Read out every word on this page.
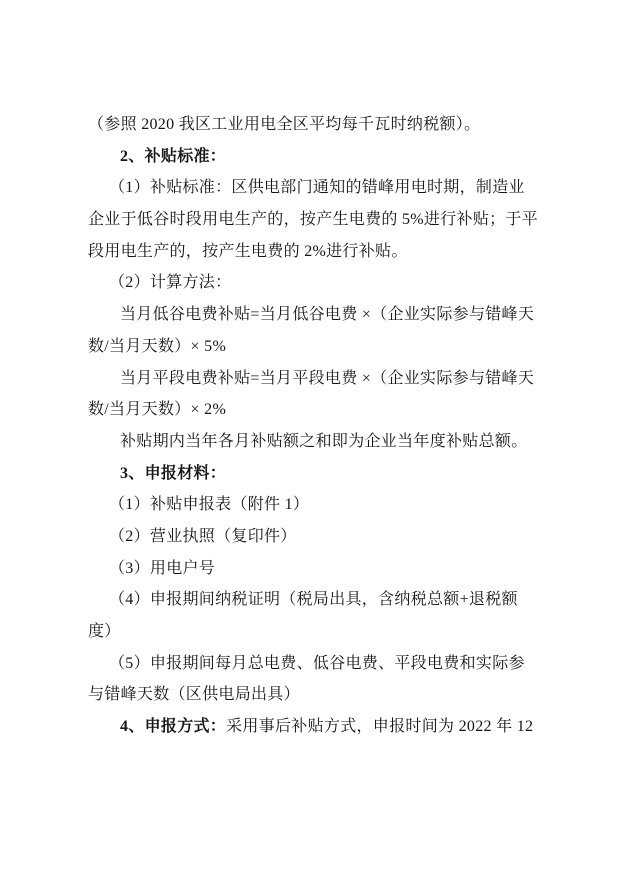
（参照 2020 我区工业用电全区平均每千瓦时纳税额）。
2、补贴标准：
（1）补贴标准：区供电部门通知的错峰用电时期，制造业
企业于低谷时段用电生产的，按产生电费的 5%进行补贴；于平
段用电生产的，按产生电费的 2%进行补贴。
（2）计算方法：
当月低谷电费补贴=当月低谷电费 ×（企业实际参与错峰天
数/当月天数）× 5%
当月平段电费补贴=当月平段电费 ×（企业实际参与错峰天
数/当月天数）× 2%
补贴期内当年各月补贴额之和即为企业当年度补贴总额。
3、申报材料：
（1）补贴申报表（附件 1）
（2）营业执照（复印件）
（3）用电户号
（4）申报期间纳税证明（税局出具，含纳税总额+退税额
度）
（5）申报期间每月总电费、低谷电费、平段电费和实际参
与错峰天数（区供电局出具）
4、申报方式：采用事后补贴方式，申报时间为 2022 年 12
